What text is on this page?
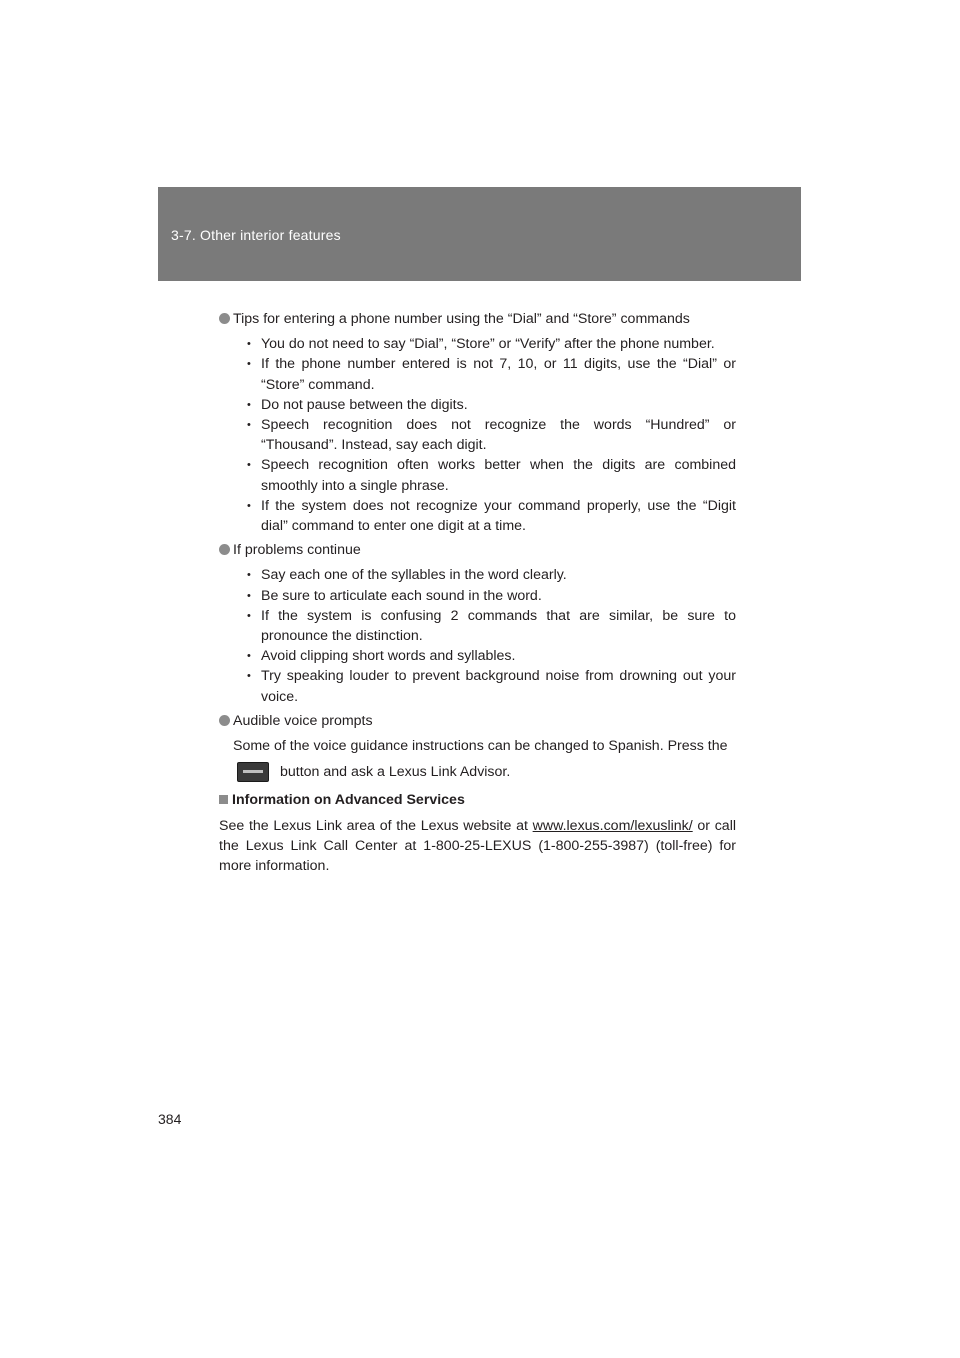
3-7. Other interior features
Tips for entering a phone number using the “Dial” and “Store” commands
• You do not need to say “Dial”, “Store” or “Verify” after the phone number.
• If the phone number entered is not 7, 10, or 11 digits, use the “Dial” or “Store” command.
• Do not pause between the digits.
• Speech recognition does not recognize the words “Hundred” or “Thousand”. Instead, say each digit.
• Speech recognition often works better when the digits are combined smoothly into a single phrase.
• If the system does not recognize your command properly, use the “Digit dial” command to enter one digit at a time.
If problems continue
• Say each one of the syllables in the word clearly.
• Be sure to articulate each sound in the word.
• If the system is confusing 2 commands that are similar, be sure to pronounce the distinction.
• Avoid clipping short words and syllables.
• Try speaking louder to prevent background noise from drowning out your voice.
Audible voice prompts
Some of the voice guidance instructions can be changed to Spanish. Press the
button and ask a Lexus Link Advisor.
Information on Advanced Services
See the Lexus Link area of the Lexus website at www.lexus.com/lexuslink/ or call the Lexus Link Call Center at 1-800-25-LEXUS (1-800-255-3987) (toll-free) for more information.
384
